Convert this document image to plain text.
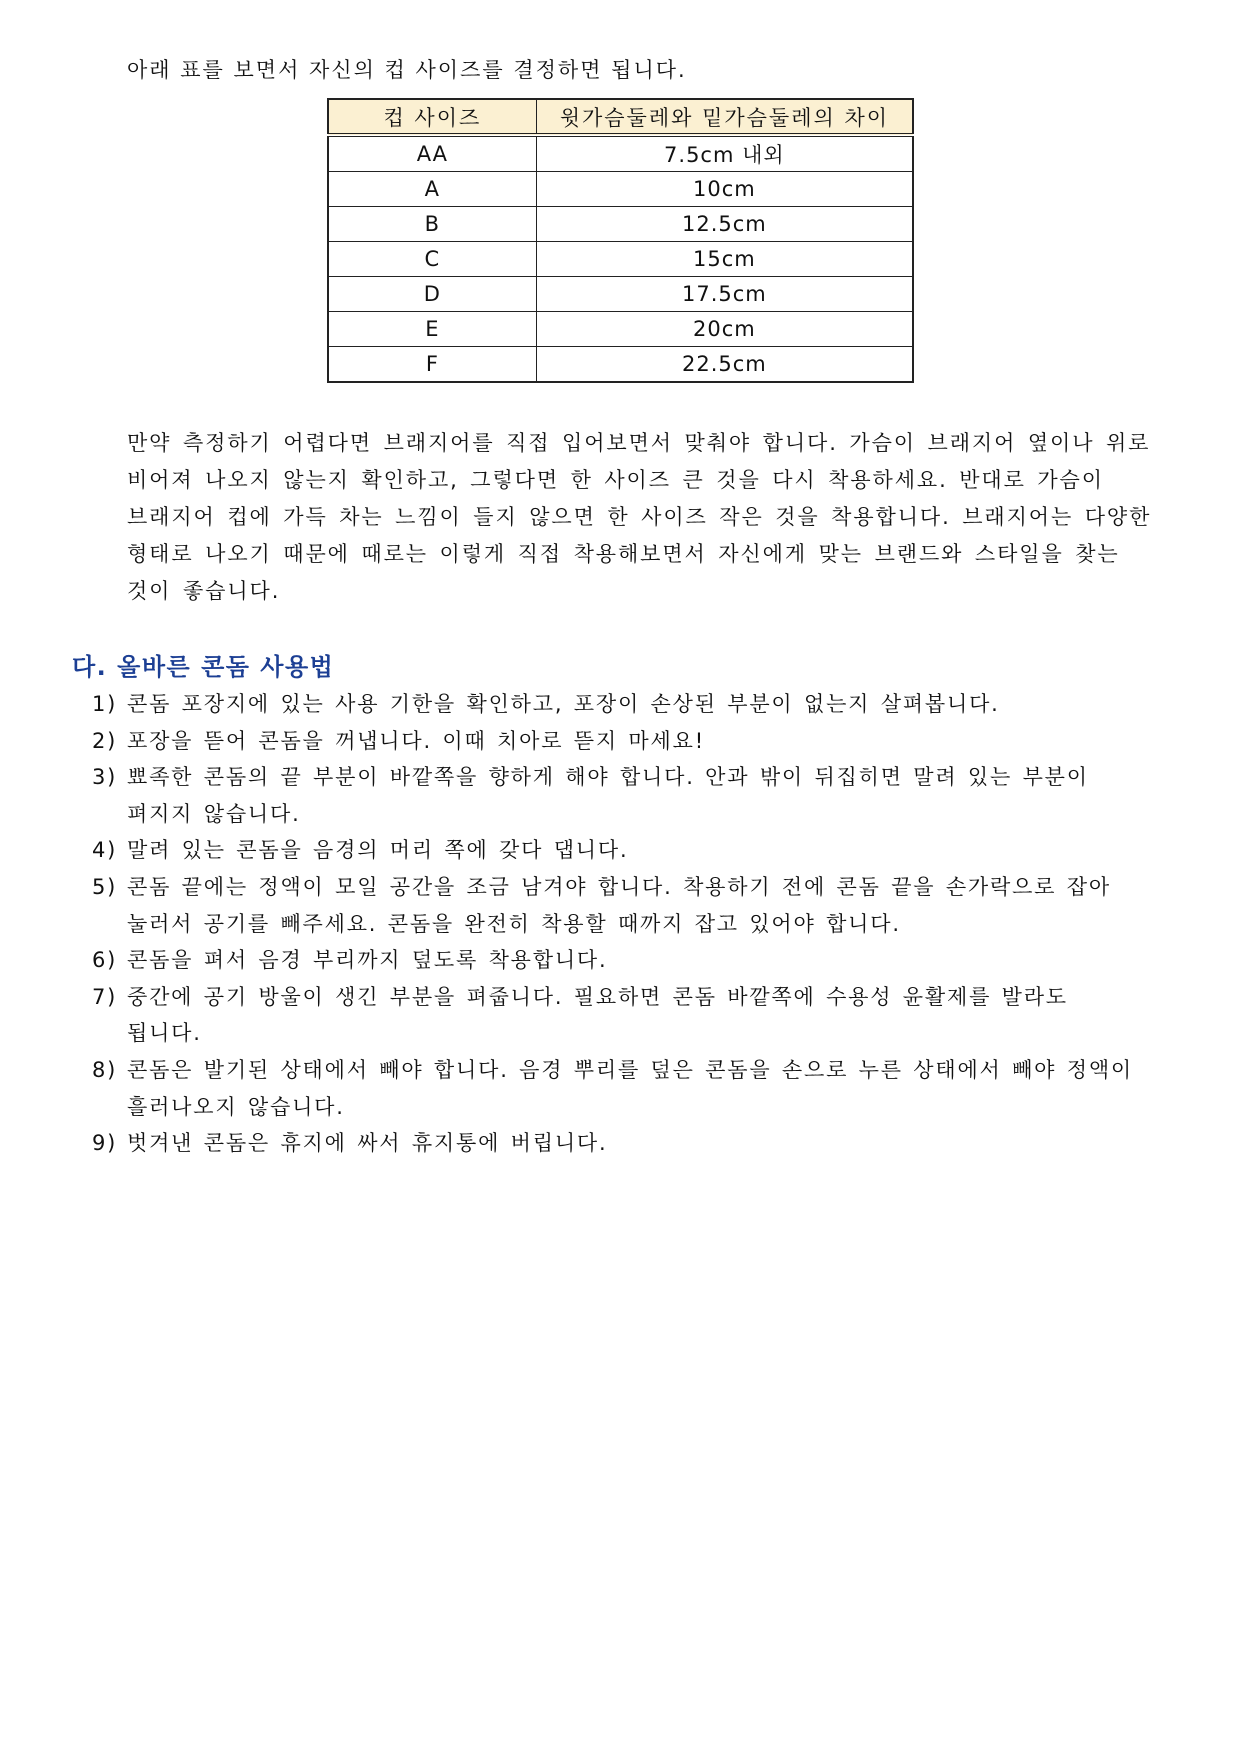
아래 표를 보면서 자신의 컵 사이즈를 결정하면 됩니다.
컵 사이즈	윗가슴둘레와 밑가슴둘레의 차이
AA	7.5cm 내외
A	10cm
B	12.5cm
C	15cm
D	17.5cm
E	20cm
F	22.5cm
만약 측정하기 어렵다면 브래지어를 직접 입어보면서 맞춰야 합니다. 가슴이 브래지어 옆이나 위로
비어져 나오지 않는지 확인하고, 그렇다면 한 사이즈 큰 것을 다시 착용하세요. 반대로 가슴이
브래지어 컵에 가득 차는 느낌이 들지 않으면 한 사이즈 작은 것을 착용합니다. 브래지어는 다양한
형태로 나오기 때문에 때로는 이렇게 직접 착용해보면서 자신에게 맞는 브랜드와 스타일을 찾는
것이 좋습니다.
다. 올바른 콘돔 사용법
1) 콘돔 포장지에 있는 사용 기한을 확인하고, 포장이 손상된 부분이 없는지 살펴봅니다.
2) 포장을 뜯어 콘돔을 꺼냅니다. 이때 치아로 뜯지 마세요!
3) 뾰족한 콘돔의 끝 부분이 바깥쪽을 향하게 해야 합니다. 안과 밖이 뒤집히면 말려 있는 부분이
펴지지 않습니다.
4) 말려 있는 콘돔을 음경의 머리 쪽에 갖다 댑니다.
5) 콘돔 끝에는 정액이 모일 공간을 조금 남겨야 합니다. 착용하기 전에 콘돔 끝을 손가락으로 잡아
눌러서 공기를 빼주세요. 콘돔을 완전히 착용할 때까지 잡고 있어야 합니다.
6) 콘돔을 펴서 음경 부리까지 덮도록 착용합니다.
7) 중간에 공기 방울이 생긴 부분을 펴줍니다. 필요하면 콘돔 바깥쪽에 수용성 윤활제를 발라도
됩니다.
8) 콘돔은 발기된 상태에서 빼야 합니다. 음경 뿌리를 덮은 콘돔을 손으로 누른 상태에서 빼야 정액이
흘러나오지 않습니다.
9) 벗겨낸 콘돔은 휴지에 싸서 휴지통에 버립니다.
